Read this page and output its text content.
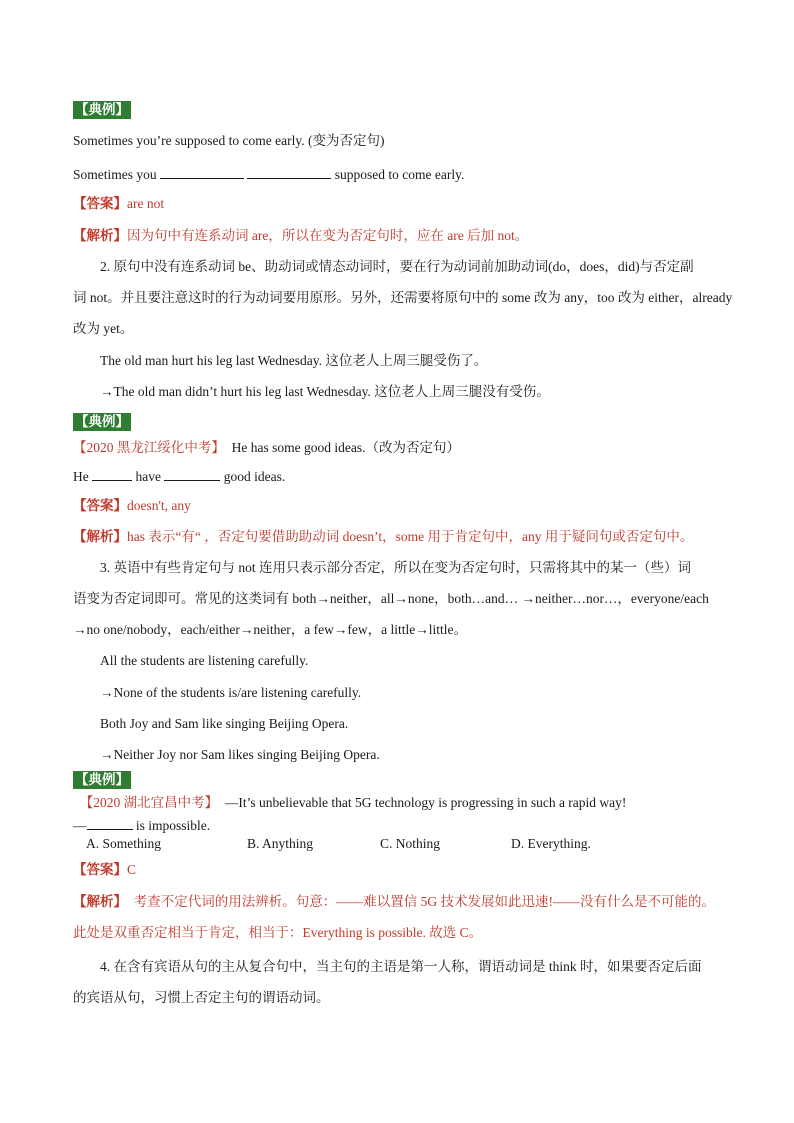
【典例】
Sometimes you’re supposed to come early. (变为否定句)
Sometimes you	supposed to come early.
【答案】are not
【解析】因为句中有连系动词 are，所以在变为否定句时，应在 are 后加 not。
2. 原句中没有连系动词 be、助动词或情态动词时，要在行为动词前加助动词(do，does，did)与否定副
词 not。并且要注意这时的行为动词要用原形。另外，还需要将原句中的 some 改为 any，too 改为 either，already
改为 yet。
The old man hurt his leg last Wednesday. 这位老人上周三腿受伤了。
→The old man didn’t hurt his leg last Wednesday. 这位老人上周三腿没有受伤。
【典例】
【2020 黑龙江绥化中考】 He has some good ideas.（改为否定句）
He	have	good ideas.
【答案】doesn't, any
【解析】has 表示“有“ ，否定句要借助助动词 doesn’t，some 用于肯定句中，any 用于疑问句或否定句中。
3. 英语中有些肯定句与 not 连用只表示部分否定，所以在变为否定句时，只需将其中的某一（些）词
语变为否定词即可。常见的这类词有 both→neither，all→none，both…and… →neither…nor…，everyone/each
→no one/nobody，each/either→neither，a few→few，a little→little。
All the students are listening carefully.
→None of the students is/are listening carefully.
Both Joy and Sam like singing Beijing Opera.
→Neither Joy nor Sam likes singing Beijing Opera.
【典例】
【2020 湖北宜昌中考】 —It’s unbelievable that 5G technology is progressing in such a rapid way!
—	is impossible.
A. Something	B. Anything	C. Nothing	D. Everything.
【答案】C
【解析】 考查不定代词的用法辨析。句意：——难以置信 5G 技术发展如此迅速!——没有什么是不可能的。
此处是双重否定相当于肯定，相当于：Everything is possible. 故选 C。
4. 在含有宾语从句的主从复合句中，当主句的主语是第一人称，谓语动词是 think 时，如果要否定后面
的宾语从句，习惯上否定主句的谓语动词。
